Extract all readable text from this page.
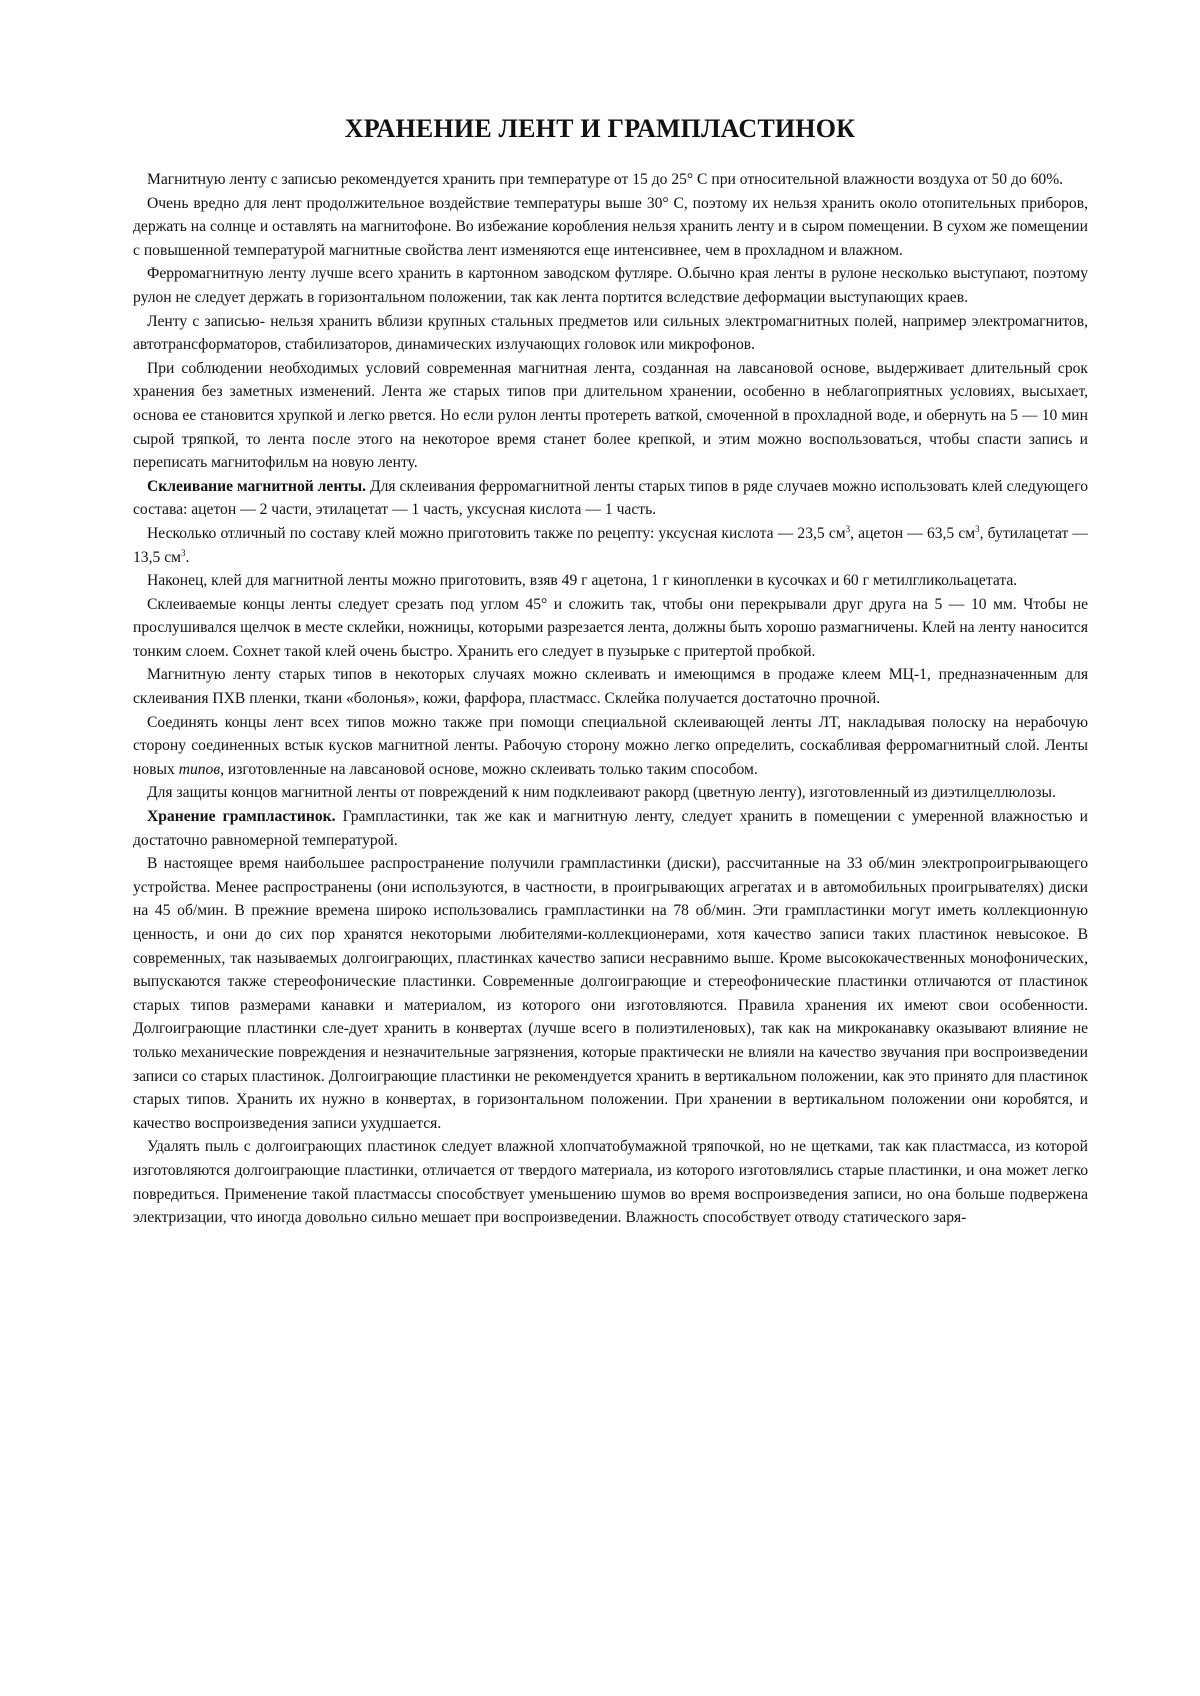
ХРАНЕНИЕ ЛЕНТ И ГРАМПЛАСТИНОК

Магнитную ленту с записью рекомендуется хранить при температуре от 15 до 25° С при относительной влажности воздуха от 50 до 60%.

Очень вредно для лент продолжительное воздействие температуры выше 30° С, поэтому их нельзя хранить около отопительных приборов, держать на солнце и оставлять на магнитофоне. Во избежание коробления нельзя хранить ленту и в сыром помещении. В сухом же помещении с повышенной температурой магнитные свойства лент изменяются еще интенсивнее, чем в прохладном и влажном.

Ферромагнитную ленту лучше всего хранить в картонном заводском футляре. О.бычно края ленты в рулоне несколько выступают, поэтому рулон не следует держать в горизонтальном положении, так как лента портится вследствие деформации выступающих краев.

Ленту с записью- нельзя хранить вблизи крупных стальных предметов или сильных электромагнитных полей, например электромагнитов, автотрансформаторов, стабилизаторов, динамических излучающих головок или микрофонов.

При соблюдении необходимых условий современная магнитная лента, созданная на лавсановой основе, выдерживает длительный срок хранения без заметных изменений. Лента же старых типов при длительном хранении, особенно в неблагоприятных условиях, высыхает, основа ее становится хрупкой и легко рвется. Но если рулон ленты протереть ваткой, смоченной в прохладной воде, и обернуть на 5 — 10 мин сырой тряпкой, то лента после этого на некоторое время станет более крепкой, и этим можно воспользоваться, чтобы спасти запись и переписать магнитофильм на новую ленту.

Склеивание магнитной ленты. Для склеивания ферромагнитной ленты старых типов в ряде случаев можно использовать клей следующего состава: ацетон — 2 части, этилацетат — 1 часть, уксусная кислота — 1 часть.

Несколько отличный по составу клей можно приготовить также по рецепту: уксусная кислота — 23,5 $см^3$, ацетон — 63,5 $см^3$, бутилацетат — 13,5 $см^3$.

Наконец, клей для магнитной ленты можно приготовить, взяв 49 г ацетона, 1 г кинопленки в кусочках и 60 г метилгликольацетата.

Склеиваемые концы ленты следует срезать под углом 45° и сложить так, чтобы они перекрывали друг друга на 5 — 10 мм. Чтобы не прослушивался щелчок в месте склейки, ножницы, которыми разрезается лента, должны быть хорошо размагничены. Клей на ленту наносится тонким слоем. Сохнет такой клей очень быстро. Хранить его следует в пузырьке с притертой пробкой.

Магнитную ленту старых типов в некоторых случаях можно склеивать и имеющимся в продаже клеем МЦ-1, предназначенным для склеивания ПХВ пленки, ткани «болонья», кожи, фарфора, пластмасс. Склейка получается достаточно прочной.

Соединять концы лент всех типов можно также при помощи специальной склеивающей ленты ЛТ, накладывая полоску на нерабочую сторону соединенных встык кусков магнитной ленты. Рабочую сторону можно легко определить, соскабливая ферромагнитный слой. Ленты новых типов, изготовленные на лавсановой основе, можно склеивать только таким способом.

Для защиты концов магнитной ленты от повреждений к ним подклеивают ракорд (цветную ленту), изготовленный из диэтилцеллюлозы.

Хранение грампластинок. Грампластинки, так же как и магнитную ленту, следует хранить в помещении с умеренной влажностью и достаточно равномерной температурой.

В настоящее время наибольшее распространение получили грампластинки (диски), рассчитанные на 33 об/мин электропроигрывающего устройства. Менее распространены (они используются, в частности, в проигрывающих агрегатах и в автомобильных проигрывателях) диски на 45 об/мин. В прежние времена широко использовались грампластинки на 78 об/мин. Эти грампластинки могут иметь коллекционную ценность, и они до сих пор хранятся некоторыми любителями-коллекционерами, хотя качество записи таких пластинок невысокое. В современных, так называемых долгоиграющих, пластинках качество записи несравнимо выше. Кроме высококачественных монофонических, выпускаются также стереофонические пластинки. Современные долгоиграющие и стереофонические пластинки отличаются от пластинок старых типов размерами канавки и материалом, из которого они изготовляются. Правила хранения их имеют свои особенности. Долгоиграющие пластинки сле-дует хранить в конвертах (лучше всего в полиэтиленовых), так как на микроканавку оказывают влияние не только механические повреждения и незначительные загрязнения, которые практически не влияли на качество звучания при воспроизведении записи со старых пластинок. Долгоиграющие пластинки не рекомендуется хранить в вертикальном положении, как это принято для пластинок старых типов. Хранить их нужно в конвертах, в горизонтальном положении. При хранении в вертикальном положении они коробятся, и качество воспроизведения записи ухудшается.

Удалять пыль с долгоиграющих пластинок следует влажной хлопчатобумажной тряпочкой, но не щетками, так как пластмасса, из которой изготовляются долгоиграющие пластинки, отличается от твердого материала, из которого изготовлялись старые пластинки, и она может легко повредиться. Применение такой пластмассы способствует уменьшению шумов во время воспроизведения записи, но она больше подвержена электризации, что иногда довольно сильно мешает при воспроизведении. Влажность способствует отводу статического заря-
